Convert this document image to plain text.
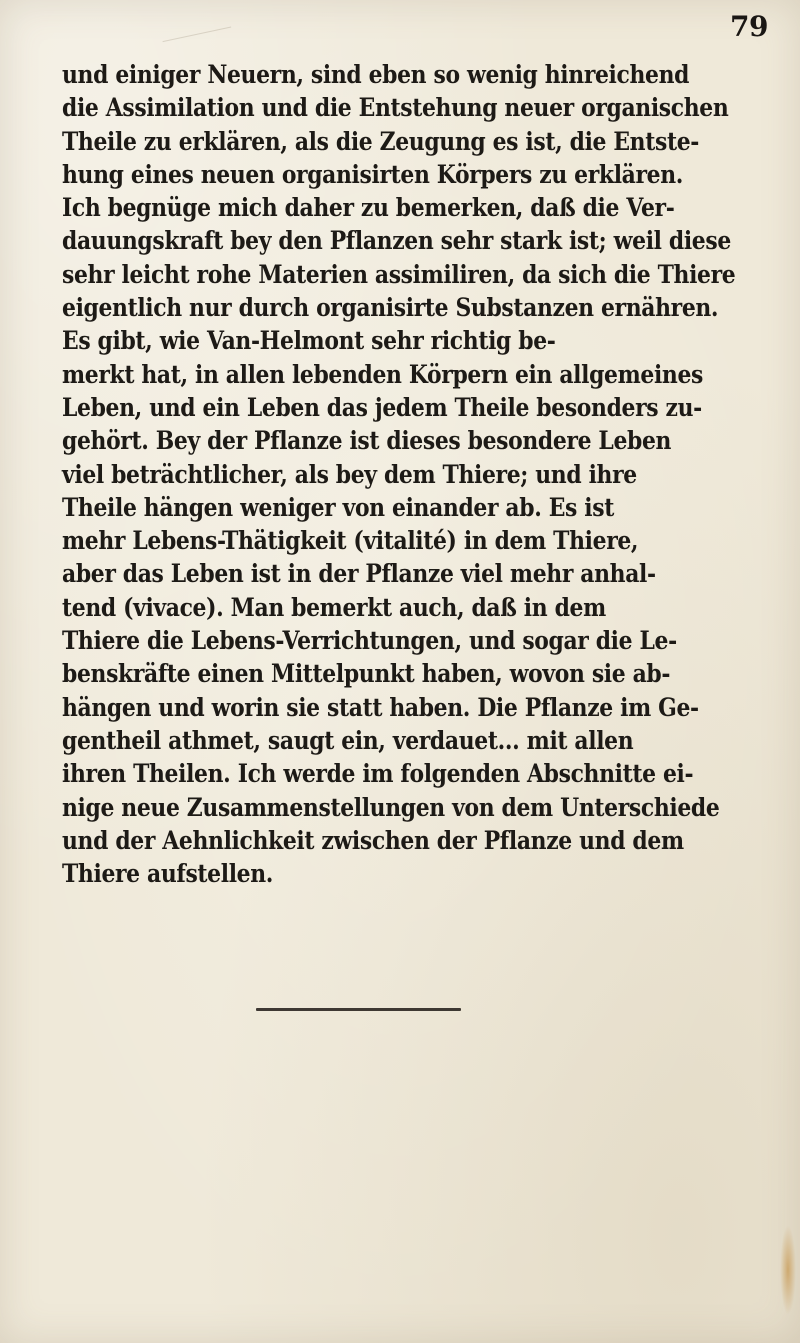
79
und einiger Neuern, sind eben so wenig hinreichend
die Assimilation und die Entstehung neuer organischen
Theile zu erklären, als die Zeugung es ist, die Entste-
hung eines neuen organisirten Körpers zu erklären.
Ich begnüge mich daher zu bemerken, daß die Ver-
dauungskraft bey den Pflanzen sehr stark ist; weil diese
sehr leicht rohe Materien assimiliren, da sich die Thiere
eigentlich nur durch organisirte Substanzen ernähren.
Es gibt, wie Van-Helmont sehr richtig be-
merkt hat, in allen lebenden Körpern ein allgemeines
Leben, und ein Leben das jedem Theile besonders zu-
gehört. Bey der Pflanze ist dieses besondere Leben
viel beträchtlicher, als bey dem Thiere; und ihre
Theile hängen weniger von einander ab. Es ist
mehr Lebens-Thätigkeit (vitalité) in dem Thiere,
aber das Leben ist in der Pflanze viel mehr anhal-
tend (vivace). Man bemerkt auch, daß in dem
Thiere die Lebens-Verrichtungen, und sogar die Le-
benskräfte einen Mittelpunkt haben, wovon sie ab-
hängen und worin sie statt haben. Die Pflanze im Ge-
gentheil athmet, saugt ein, verdauet... mit allen
ihren Theilen. Ich werde im folgenden Abschnitte ei-
nige neue Zusammenstellungen von dem Unterschiede
und der Aehnlichkeit zwischen der Pflanze und dem
Thiere aufstellen.
